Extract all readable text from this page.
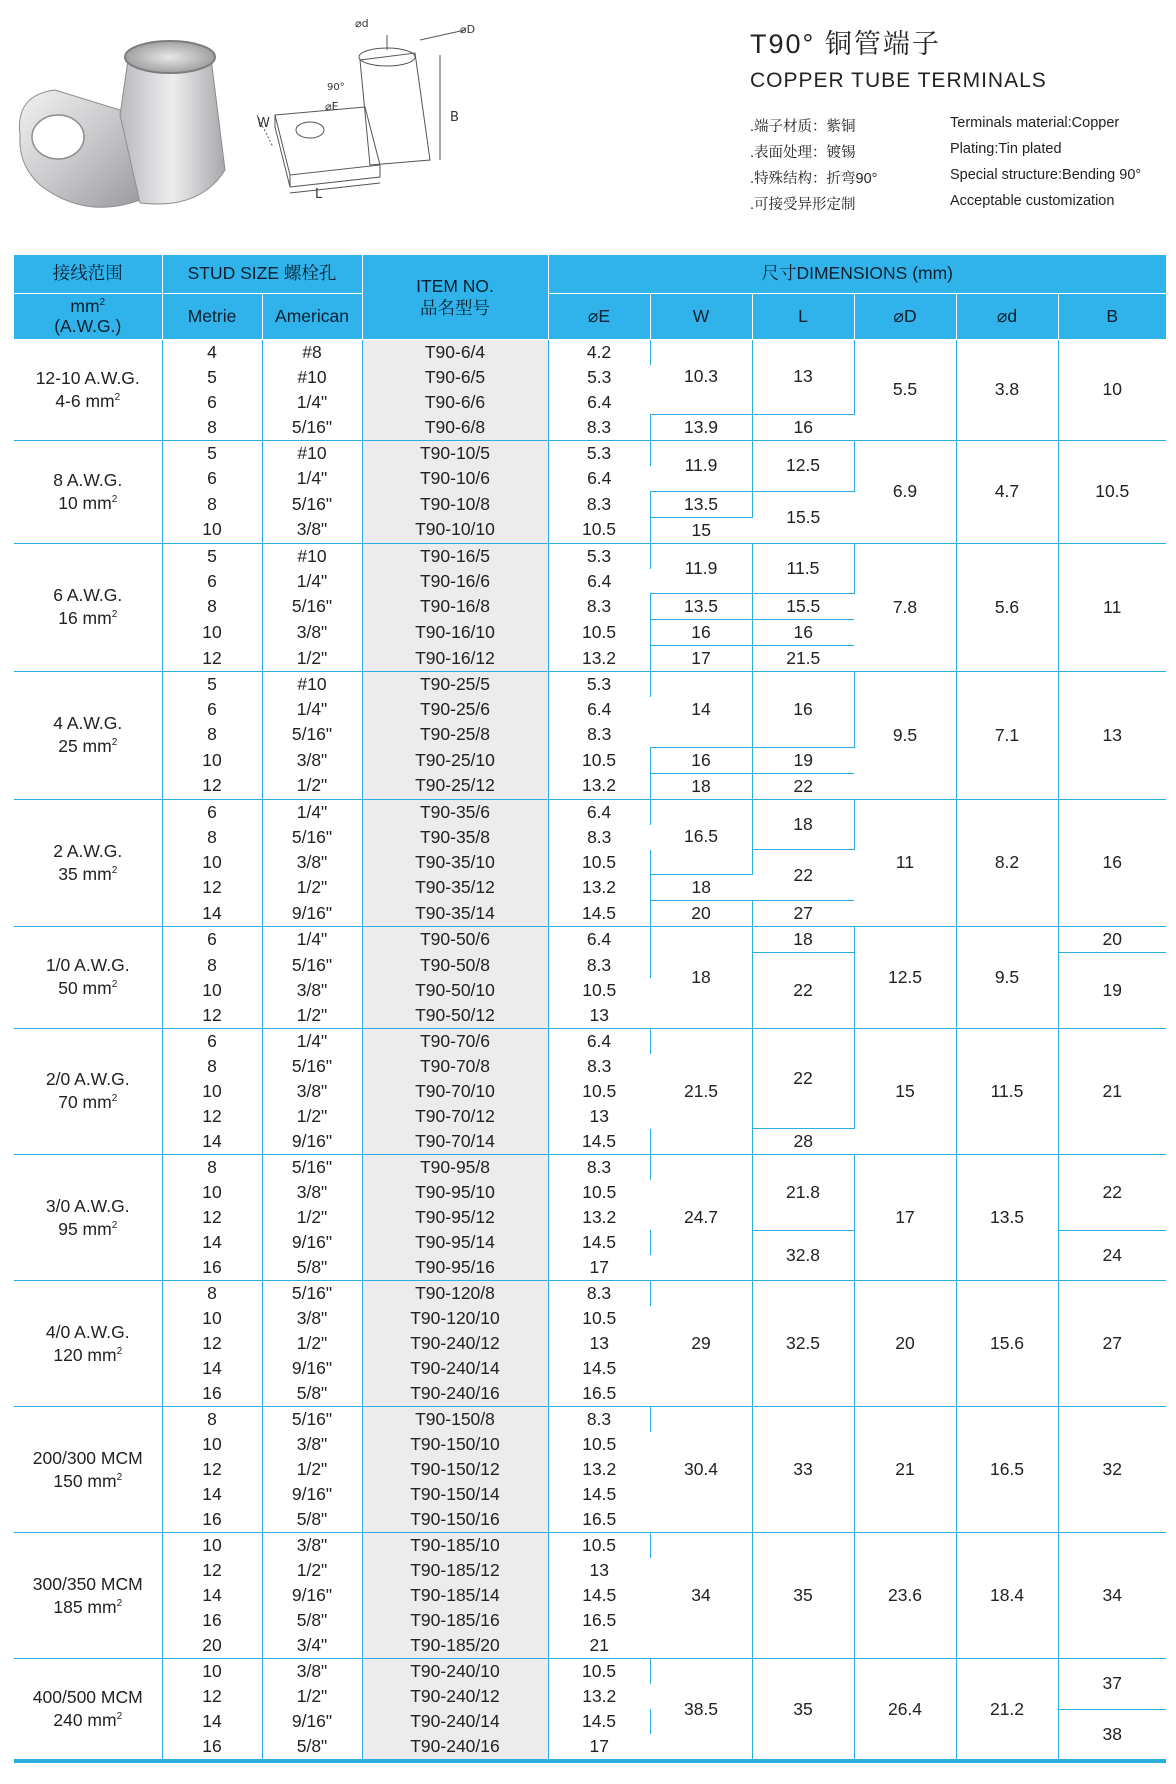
⌀d	⌀D
90°
⌀E
W	B
L
T90° 铜管端子
COPPER TUBE TERMINALS
.端子材质：紫铜	Terminals material:Copper
.表面处理：镀锡	Plating:Tin plated
.特殊结构：折弯90°	Special structure:Bending 90°
.可接受异形定制	Acceptable customization
接线范围	STUD SIZE 螺栓孔		ITEM NO.
品名型号	尺寸DIMENSIONS (mm)					

$mm^2$
(A.W.G.)	Metrie	American		⌀E	W	L	⌀D	⌀d	B

12-10 A.W.G.
4-6 $mm^2$	4	#8	T90-6/4	4.2	10.3	13	5.5	3.8	10
	5	#10	T90-6/5	5.3					
	6	1/4"	T90-6/6	6.4					
	8	5/16"	T90-6/8	8.3	13.9	16			

8 A.W.G.
10 $mm^2$	5	#10	T90-10/5	5.3	11.9	12.5	6.9	4.7	10.5
	6	1/4"	T90-10/6	6.4					
	8	5/16"	T90-10/8	8.3	13.5	15.5			
	10	3/8"	T90-10/10	10.5	15				

6 A.W.G.
16 $mm^2$	5	#10	T90-16/5	5.3	11.9	11.5	7.8	5.6	11
	6	1/4"	T90-16/6	6.4					
	8	5/16"	T90-16/8	8.3	13.5	15.5			
	10	3/8"	T90-16/10	10.5	16	16			
	12	1/2"	T90-16/12	13.2	17	21.5			

4 A.W.G.
25 $mm^2$	5	#10	T90-25/5	5.3	14	16	9.5	7.1	13
	6	1/4"	T90-25/6	6.4					
	8	5/16"	T90-25/8	8.3					
	10	3/8"	T90-25/10	10.5	16	19			
	12	1/2"	T90-25/12	13.2	18	22			

2 A.W.G.
35 $mm^2$	6	1/4"	T90-35/6	6.4	16.5	18	11	8.2	16
	8	5/16"	T90-35/8	8.3					
	10	3/8"	T90-35/10	10.5		22			
	12	1/2"	T90-35/12	13.2	18				
	14	9/16"	T90-35/14	14.5	20	27			

1/0 A.W.G.
50 $mm^2$	6	1/4"	T90-50/6	6.4	18	18	12.5	9.5	20
	8	5/16"	T90-50/8	8.3		22			19
	10	3/8"	T90-50/10	10.5					
	12	1/2"	T90-50/12	13					

2/0 A.W.G.
70 $mm^2$	6	1/4"	T90-70/6	6.4	21.5	22	15	11.5	21
	8	5/16"	T90-70/8	8.3					
	10	3/8"	T90-70/10	10.5					
	12	1/2"	T90-70/12	13					
	14	9/16"	T90-70/14	14.5		28			

3/0 A.W.G.
95 $mm^2$	8	5/16"	T90-95/8	8.3	24.7	21.8	17	13.5	22
	10	3/8"	T90-95/10	10.5					
	12	1/2"	T90-95/12	13.2					
	14	9/16"	T90-95/14	14.5		32.8			24
	16	5/8"	T90-95/16	17					

4/0 A.W.G.
120 $mm^2$	8	5/16"	T90-120/8	8.3	29	32.5	20	15.6	27
	10	3/8"	T90-120/10	10.5					
	12	1/2"	T90-240/12	13					
	14	9/16"	T90-240/14	14.5					
	16	5/8"	T90-240/16	16.5					

200/300 MCM
150 $mm^2$	8	5/16"	T90-150/8	8.3	30.4	33	21	16.5	32
	10	3/8"	T90-150/10	10.5					
	12	1/2"	T90-150/12	13.2					
	14	9/16"	T90-150/14	14.5					
	16	5/8"	T90-150/16	16.5					

300/350 MCM
185 $mm^2$	10	3/8"	T90-185/10	10.5	34	35	23.6	18.4	34
	12	1/2"	T90-185/12	13					
	14	9/16"	T90-185/14	14.5					
	16	5/8"	T90-185/16	16.5					
	20	3/4"	T90-185/20	21					

400/500 MCM
240 $mm^2$	10	3/8"	T90-240/10	10.5	38.5	35	26.4	21.2	37
	12	1/2"	T90-240/12	13.2					
	14	9/16"	T90-240/14	14.5					38
	16	5/8"	T90-240/16	17					
